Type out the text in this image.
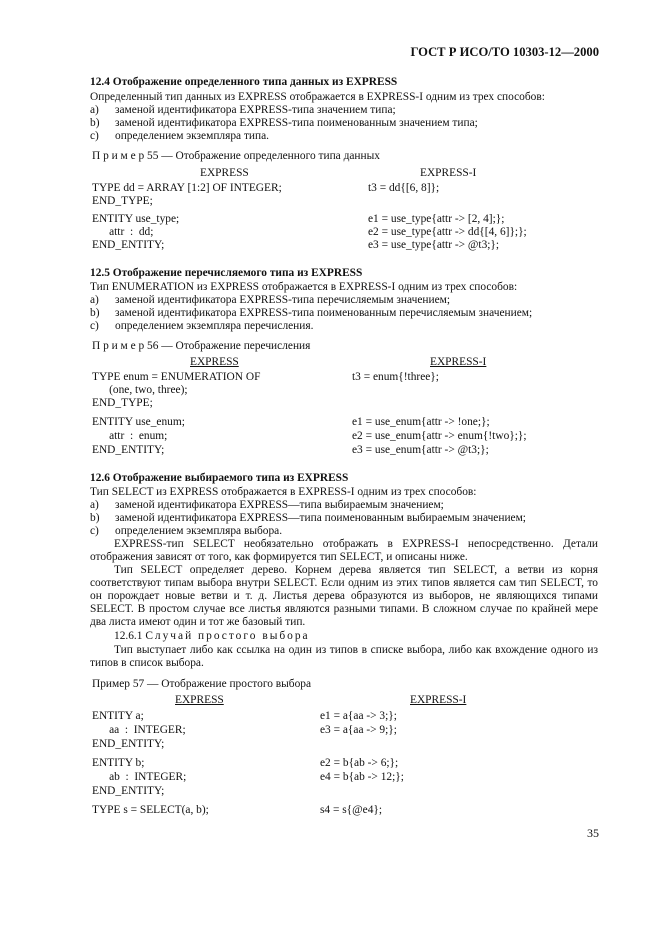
ГОСТ Р ИСО/ТО 10303-12—2000
12.4 Отображение определенного типа данных из EXPRESS
Определенный тип данных из EXPRESS отображается в EXPRESS-I одним из трех способов:
a) заменой идентификатора EXPRESS-типа значением типа;
b) заменой идентификатора EXPRESS-типа поименованным значением типа;
c) определением экземпляра типа.
П р и м е р 55 — Отображение определенного типа данных
EXPRESS	EXPRESS-I
TYPE dd = ARRAY [1:2] OF INTEGER;	t3 = dd{[6, 8]};
END_TYPE;
ENTITY use_type;	e1 = use_type{attr -> [2, 4];};
attr  :  dd;	e2 = use_type{attr -> dd{[4, 6]};};
END_ENTITY;	e3 = use_type{attr -> @t3;};
12.5 Отображение перечисляемого типа из EXPRESS
Тип ENUMERATION из EXPRESS отображается в EXPRESS-I одним из трех способов:
a) заменой идентификатора EXPRESS-типа перечисляемым значением;
b) заменой идентификатора EXPRESS-типа поименованным перечисляемым значением;
c) определением экземпляра перечисления.
П р и м е р 56 — Отображение перечисления
EXPRESS	EXPRESS-I
TYPE enum = ENUMERATION OF	t3 = enum{!three};
(one, two, three);
END_TYPE;
ENTITY use_enum;	e1 = use_enum{attr -> !one;};
attr  :  enum;	e2 = use_enum{attr -> enum{!two};};
END_ENTITY;	e3 = use_enum{attr -> @t3;};
12.6 Отображение выбираемого типа из EXPRESS
Тип SELECT из EXPRESS отображается в EXPRESS-I одним из трех способов:
a) заменой идентификатора EXPRESS—типа выбираемым значением;
b) заменой идентификатора EXPRESS—типа поименованным выбираемым значением;
c) определением экземпляра выбора.
EXPRESS-тип SELECT необязательно отображать в EXPRESS-I непосредственно. Детали отображения зависят от того, как формируется тип SELECT, и описаны ниже.
Тип SELECT определяет дерево. Корнем дерева является тип SELECT, а ветви из корня соответствуют типам выбора внутри SELECT. Если одним из этих типов является сам тип SELECT, то он порождает новые ветви и т. д. Листья дерева образуются из выборов, не являющихся типами SELECT. В простом случае все листья являются разными типами. В сложном случае по крайней мере два листа имеют один и тот же базовый тип.
12.6.1 Случай простого выбора
Тип выступает либо как ссылка на один из типов в списке выбора, либо как вхождение одного из типов в список выбора.
Пример 57 — Отображение простого выбора
EXPRESS	EXPRESS-I
ENTITY a;	e1 = a{aa -> 3;};
aa  :  INTEGER;	e3 = a{aa -> 9;};
END_ENTITY;
ENTITY b;	e2 = b{ab -> 6;};
ab  :  INTEGER;	e4 = b{ab -> 12;};
END_ENTITY;
TYPE s = SELECT(a, b);	s4 = s{@e4};
35
